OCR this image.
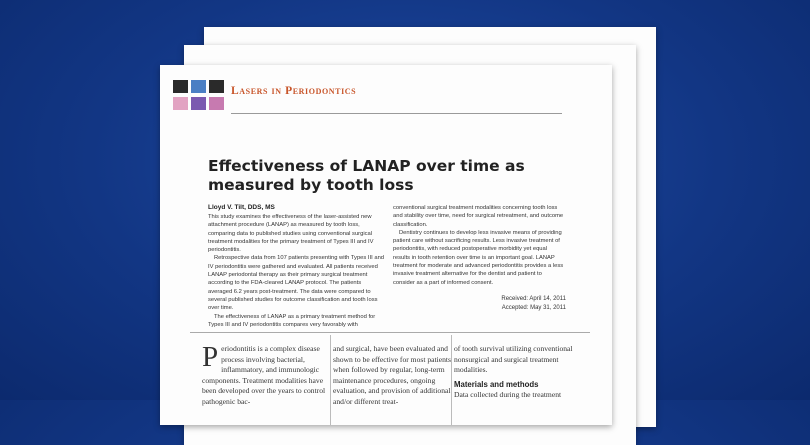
Lasers in Periodontics
Effectiveness of LANAP over time as
measured by tooth loss
Lloyd V. Tilt, DDS, MS

This study examines the effectiveness of the laser-assisted new attachment procedure (LANAP) as measured by tooth loss, comparing data to published studies using conventional surgical treatment modalities for the primary treatment of Types III and IV periodontitis.

Retrospective data from 107 patients presenting with Types III and IV periodontitis were gathered and evaluated. All patients received LANAP periodontal therapy as their primary surgical treatment according to the FDA-cleared LANAP protocol. The patients averaged 6.2 years post-treatment. The data were compared to several published studies for outcome classification and tooth loss over time.

The effectiveness of LANAP as a primary treatment method for Types III and IV periodontitis compares very favorably with

conventional surgical treatment modalities concerning tooth loss and stability over time, need for surgical retreatment, and outcome classification.

Dentistry continues to develop less invasive means of providing patient care without sacrificing results. Less invasive treatment of periodontitis, with reduced postoperative morbidity yet equal results in tooth retention over time is an important goal. LANAP treatment for moderate and advanced periodontitis provides a less invasive treatment alternative for the dentist and patient to consider as a part of informed consent.

Received: April 14, 2011
Accepted: May 31, 2011
Periodontitis is a complex disease process involving bacterial, inflammatory, and immunologic components. Treatment modalities have been developed over the years to control pathogenic bac-
and surgical, have been evaluated and shown to be effective for most patients when followed by regular, long-term maintenance procedures, ongoing evaluation, and provision of additional and/or different treat-
of tooth survival utilizing conventional nonsurgical and surgical treatment modalities.
Materials and methods
Data collected during the treatment
